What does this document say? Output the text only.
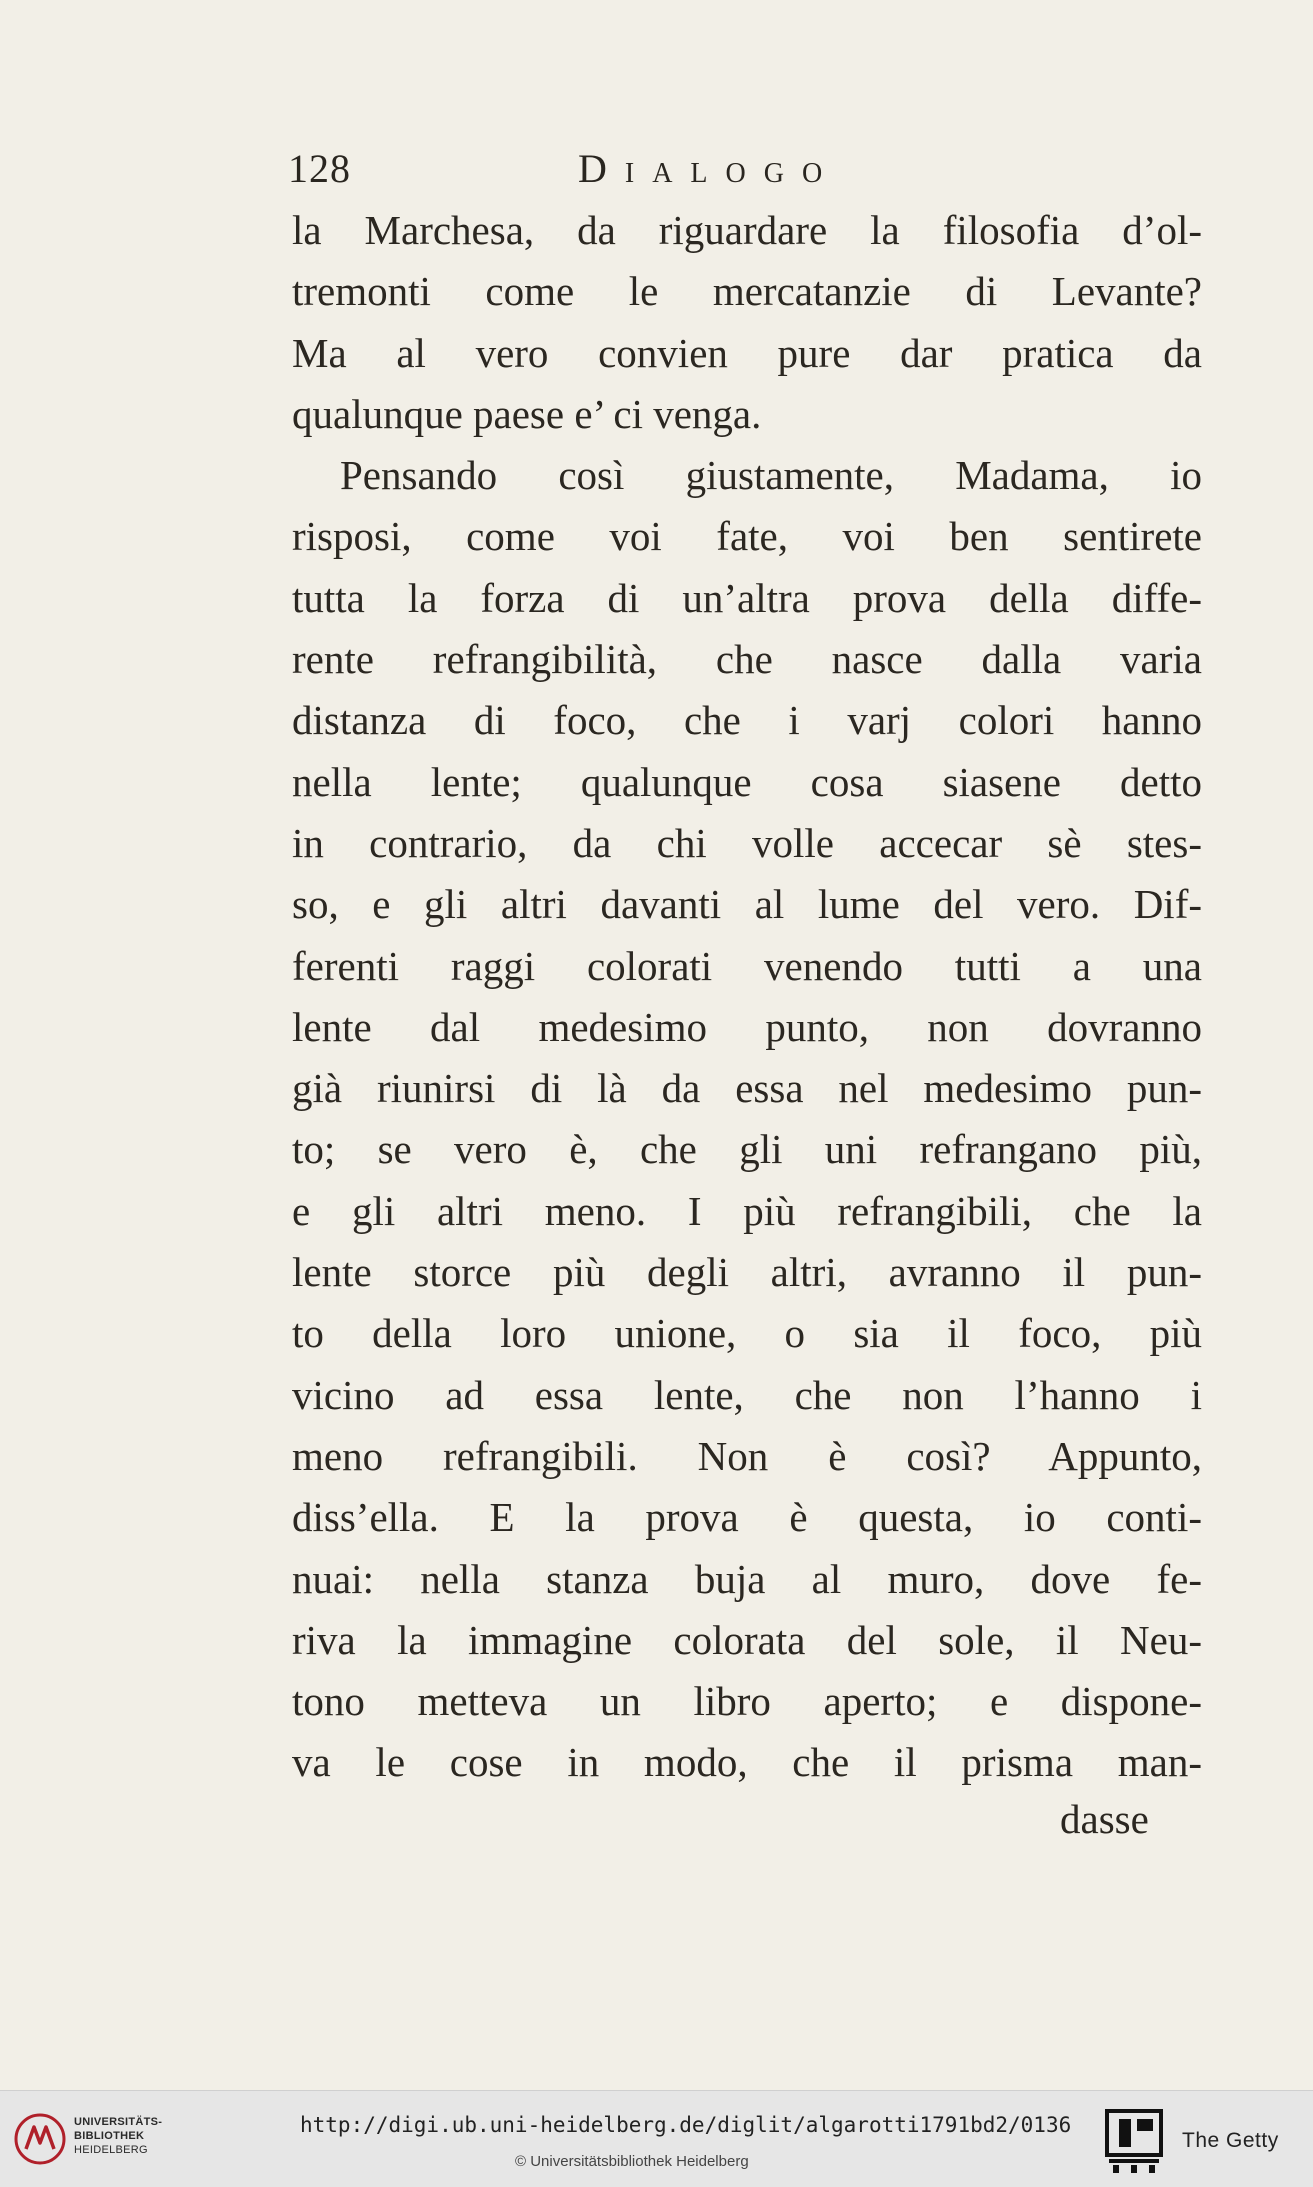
128	Dialogo
la Marchesa, da riguardare la filosofia d’ol-
tremonti come le mercatanzie di Levante?
Ma al vero convien pure dar pratica da
qualunque paese e’ ci venga.
Pensando così giustamente, Madama, io
risposi, come voi fate, voi ben sentirete
tutta la forza di un’altra prova della diffe-
rente refrangibilità, che nasce dalla varia
distanza di foco, che i varj colori hanno
nella lente; qualunque cosa siasene detto
in contrario, da chi volle accecar sè stes-
so, e gli altri davanti al lume del vero. Dif-
ferenti raggi colorati venendo tutti a una
lente dal medesimo punto, non dovranno
già riunirsi di là da essa nel medesimo pun-
to; se vero è, che gli uni refrangano più,
e gli altri meno. I più refrangibili, che la
lente storce più degli altri, avranno il pun-
to della loro unione, o sia il foco, più
vicino ad essa lente, che non l’hanno i
meno refrangibili. Non è così? Appunto,
diss’ella. E la prova è questa, io conti-
nuai: nella stanza buja al muro, dove fe-
riva la immagine colorata del sole, il Neu-
tono metteva un libro aperto; e dispone-
va le cose in modo, che il prisma man-
dasse
UNIVERSITÄTS-
BIBLIOTHEK
HEIDELBERG
http://digi.ub.uni-heidelberg.de/diglit/algarotti1791bd2/0136
© Universitätsbibliothek Heidelberg
The Getty
